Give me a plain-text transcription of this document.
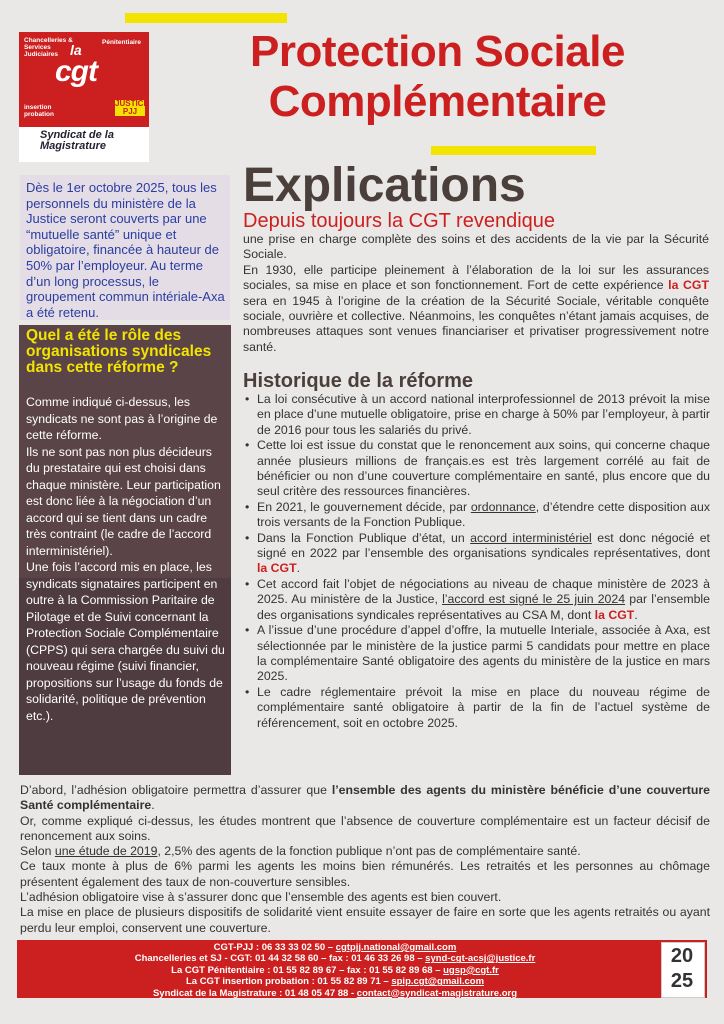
Chancelleries &
Services Judiciaires
Pénitentiaire
la
cgt
insertion
probation
JUSTICE PJJ
Syndicat de la Magistrature
Protection Sociale
Complémentaire
Explications
Dès le 1er octobre 2025, tous les personnels du ministère de la Justice seront couverts par une “mutuelle santé” unique et obligatoire, financée à hauteur de 50% par l’employeur. Au terme d’un long processus, le groupement commun intériale-Axa a été retenu.
Quel a été le rôle des organisations syndicales dans cette réforme ?

Comme indiqué ci-dessus, les syndicats ne sont pas à l’origine de cette réforme.

Ils ne sont pas non plus décideurs du prestataire qui est choisi dans chaque ministère. Leur participation est donc liée à la négociation d’un accord qui se tient dans un cadre très contraint (le cadre de l’accord interministériel).

Une fois l’accord mis en place, les syndicats signataires participent en outre à la Commission Paritaire de Pilotage et de Suivi concernant la Protection Sociale Complémentaire (CPPS) qui sera chargée du suivi du nouveau régime (suivi financier, propositions sur l’usage du fonds de solidarité, politique de prévention etc.).

Depuis toujours la CGT revendique

une prise en charge complète des soins et des accidents de la vie par la Sécurité Sociale.

En 1930, elle participe pleinement à l’élaboration de la loi sur les assurances sociales, sa mise en place et son fonctionnement. Fort de cette expérience la CGT sera en 1945 à l’origine de la création de la Sécurité Sociale, véritable conquête sociale, ouvrière et collective. Néanmoins, les conquêtes n’étant jamais acquises, de nombreuses attaques sont venues financiariser et privatiser progressivement notre santé.

Historique de la réforme
• La loi consécutive à un accord national interprofessionnel de 2013 prévoit la mise en place d’une mutuelle obligatoire, prise en charge à 50% par l’employeur, à partir de 2016 pour tous les salariés du privé.
• Cette loi est issue du constat que le renoncement aux soins, qui concerne chaque année plusieurs millions de français.es est très largement corrélé au fait de bénéficier ou non d’une couverture complémentaire en santé, plus encore que du seul critère des ressources financières.
• En 2021, le gouvernement décide, par ordonnance, d’étendre cette disposition aux trois versants de la Fonction Publique.
• Dans la Fonction Publique d’état, un accord interministériel est donc négocié et signé en 2022 par l’ensemble des organisations syndicales représentatives, dont la CGT.
• Cet accord fait l’objet de négociations au niveau de chaque ministère de 2023 à 2025. Au ministère de la Justice, l’accord est signé le 25 juin 2024 par l’ensemble des organisations syndicales représentatives au CSA M, dont la CGT.
• A l’issue d’une procédure d’appel d’offre, la mutuelle Interiale, associée à Axa, est sélectionnée par le ministère de la justice parmi 5 candidats pour mettre en place la complémentaire Santé obligatoire des agents du ministère de la justice en mars 2025.
• Le cadre réglementaire prévoit la mise en place du nouveau régime de complémentaire santé obligatoire à partir de la fin de l’actuel système de référencement, soit en octobre 2025.

D’abord, l’adhésion obligatoire permettra d’assurer que l’ensemble des agents du ministère bénéficie d’une couverture Santé complémentaire.

Or, comme expliqué ci-dessus, les études montrent que l’absence de couverture complémentaire est un facteur décisif de renoncement aux soins.

Selon une étude de 2019, 2,5% des agents de la fonction publique n’ont pas de complémentaire santé.

Ce taux monte à plus de 6% parmi les agents les moins bien rémunérés. Les retraités et les personnes au chômage présentent également des taux de non-couverture sensibles.

L’adhésion obligatoire vise à s’assurer donc que l’ensemble des agents est bien couvert.

La mise en place de plusieurs dispositifs de solidarité vient ensuite essayer de faire en sorte que les agents retraités ou ayant perdu leur emploi, conservent une couverture.

CGT-PJJ : 06 33 33 02 50 – cgtpjj.national@gmail.com
Chancelleries et SJ - CGT: 01 44 32 58 60 – fax : 01 46 33 26 98 – synd-cgt-acsj@justice.fr
La CGT Pénitentiaire : 01 55 82 89 67 – fax : 01 55 82 89 68 – ugsp@cgt.fr
La CGT insertion probation : 01 55 82 89 71 – spip.cgt@gmail.com
Syndicat de la Magistrature : 01 48 05 47 88 - contact@syndicat-magistrature.org
20
25
